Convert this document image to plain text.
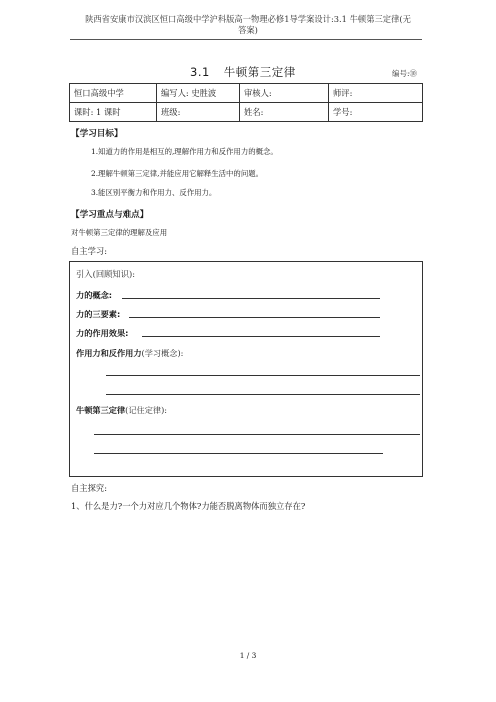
陕西省安康市汉滨区恒口高级中学沪科版高一物理必修1导学案设计:3.1 牛顿第三定律(无
答案)
3.1 牛顿第三定律	编号:⑩
恒口高级中学	编写人: 史胜波	审核人:	师评:
课时: 1 课时	班级:	姓名:	学号:
【学习目标】
1.知道力的作用是相互的,理解作用力和反作用力的概念。
2.理解牛顿第三定律,并能应用它解释生活中的问题。
3.能区别平衡力和作用力、反作用力。
【学习重点与难点】
对牛顿第三定律的理解及应用
自主学习:
引入(回顾知识):
力的概念:
力的三要素:
力的作用效果:
作用力和反作用力(学习概念):
牛顿第三定律(记住定律):
自主探究:
1、什么是力?一个力对应几个物体?力能否脱离物体而独立存在?
1 / 3
